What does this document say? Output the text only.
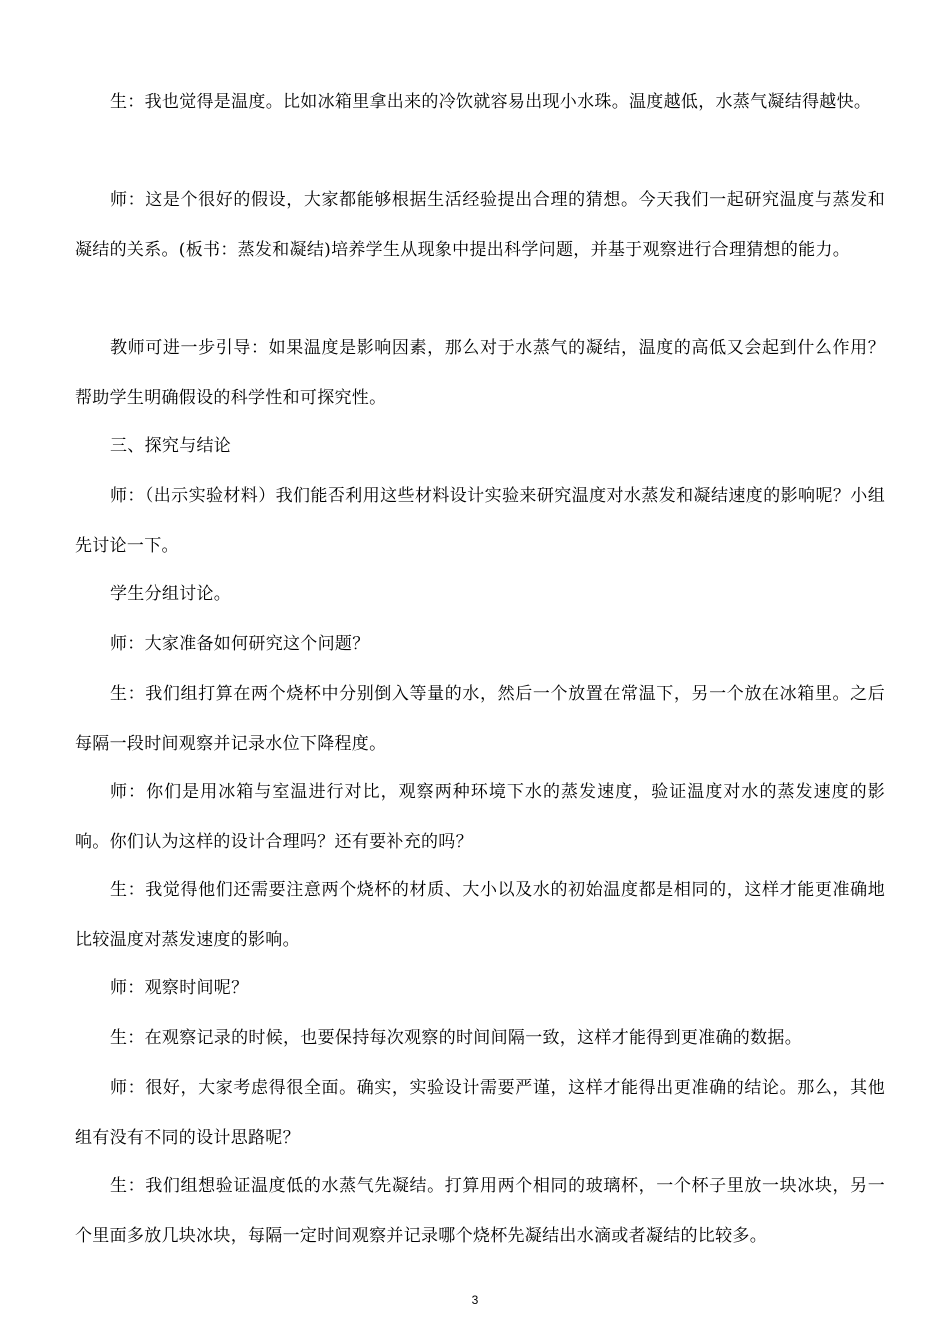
生：我也觉得是温度。比如冰箱里拿出来的冷饮就容易出现小水珠。温度越低，水蒸气凝结得越快。

师：这是个很好的假设，大家都能够根据生活经验提出合理的猜想。今天我们一起研究温度与蒸发和凝结的关系。(板书：蒸发和凝结)培养学生从现象中提出科学问题，并基于观察进行合理猜想的能力。

教师可进一步引导：如果温度是影响因素，那么对于水蒸气的凝结，温度的高低又会起到什么作用？帮助学生明确假设的科学性和可探究性。

三、探究与结论

师：（出示实验材料）我们能否利用这些材料设计实验来研究温度对水蒸发和凝结速度的影响呢？小组先讨论一下。

学生分组讨论。

师：大家准备如何研究这个问题？

生：我们组打算在两个烧杯中分别倒入等量的水，然后一个放置在常温下，另一个放在冰箱里。之后每隔一段时间观察并记录水位下降程度。

师：你们是用冰箱与室温进行对比，观察两种环境下水的蒸发速度，验证温度对水的蒸发速度的影响。你们认为这样的设计合理吗？还有要补充的吗？

生：我觉得他们还需要注意两个烧杯的材质、大小以及水的初始温度都是相同的，这样才能更准确地比较温度对蒸发速度的影响。

师：观察时间呢？

生：在观察记录的时候，也要保持每次观察的时间间隔一致，这样才能得到更准确的数据。

师：很好，大家考虑得很全面。确实，实验设计需要严谨，这样才能得出更准确的结论。那么，其他组有没有不同的设计思路呢？

生：我们组想验证温度低的水蒸气先凝结。打算用两个相同的玻璃杯，一个杯子里放一块冰块，另一个里面多放几块冰块，每隔一定时间观察并记录哪个烧杯先凝结出水滴或者凝结的比较多。

3
